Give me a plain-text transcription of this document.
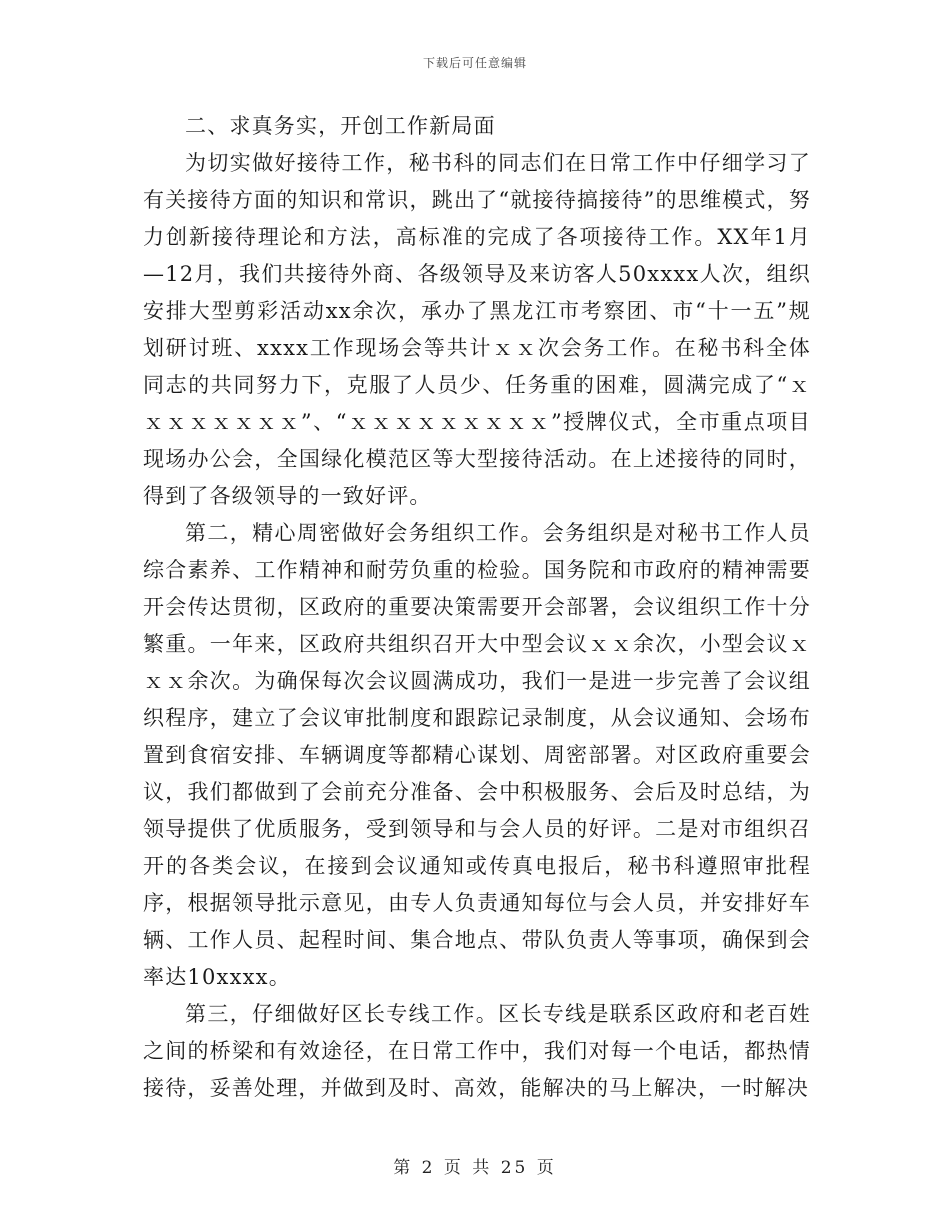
下载后可任意编辑

二、求真务实，开创工作新局面

为切实做好接待工作，秘书科的同志们在日常工作中仔细学习了有关接待方面的知识和常识，跳出了“就接待搞接待”的思维模式，努力创新接待理论和方法，高标准的完成了各项接待工作。XX年1月—12月，我们共接待外商、各级领导及来访客人50xxxx人次，组织安排大型剪彩活动xx余次，承办了黑龙江市考察团、市“十一五”规划研讨班、xxxx工作现场会等共计ｘｘ次会务工作。在秘书科全体同志的共同努力下，克服了人员少、任务重的困难，圆满完成了“ｘｘｘｘｘｘｘｘ”、“ｘｘｘｘｘｘｘｘｘ”授牌仪式，全市重点项目现场办公会，全国绿化模范区等大型接待活动。在上述接待的同时，得到了各级领导的一致好评。

第二，精心周密做好会务组织工作。会务组织是对秘书工作人员综合素养、工作精神和耐劳负重的检验。国务院和市政府的精神需要开会传达贯彻，区政府的重要决策需要开会部署，会议组织工作十分繁重。一年来，区政府共组织召开大中型会议ｘｘ余次，小型会议ｘｘｘ余次。为确保每次会议圆满成功，我们一是进一步完善了会议组织程序，建立了会议审批制度和跟踪记录制度，从会议通知、会场布置到食宿安排、车辆调度等都精心谋划、周密部署。对区政府重要会议，我们都做到了会前充分准备、会中积极服务、会后及时总结，为领导提供了优质服务，受到领导和与会人员的好评。二是对市组织召开的各类会议，在接到会议通知或传真电报后，秘书科遵照审批程序，根据领导批示意见，由专人负责通知每位与会人员，并安排好车辆、工作人员、起程时间、集合地点、带队负责人等事项，确保到会率达10xxxx。

第三，仔细做好区长专线工作。区长专线是联系区政府和老百姓之间的桥梁和有效途径，在日常工作中，我们对每一个电话，都热情接待，妥善处理，并做到及时、高效，能解决的马上解决，一时解决

第 2 页 共 25 页
